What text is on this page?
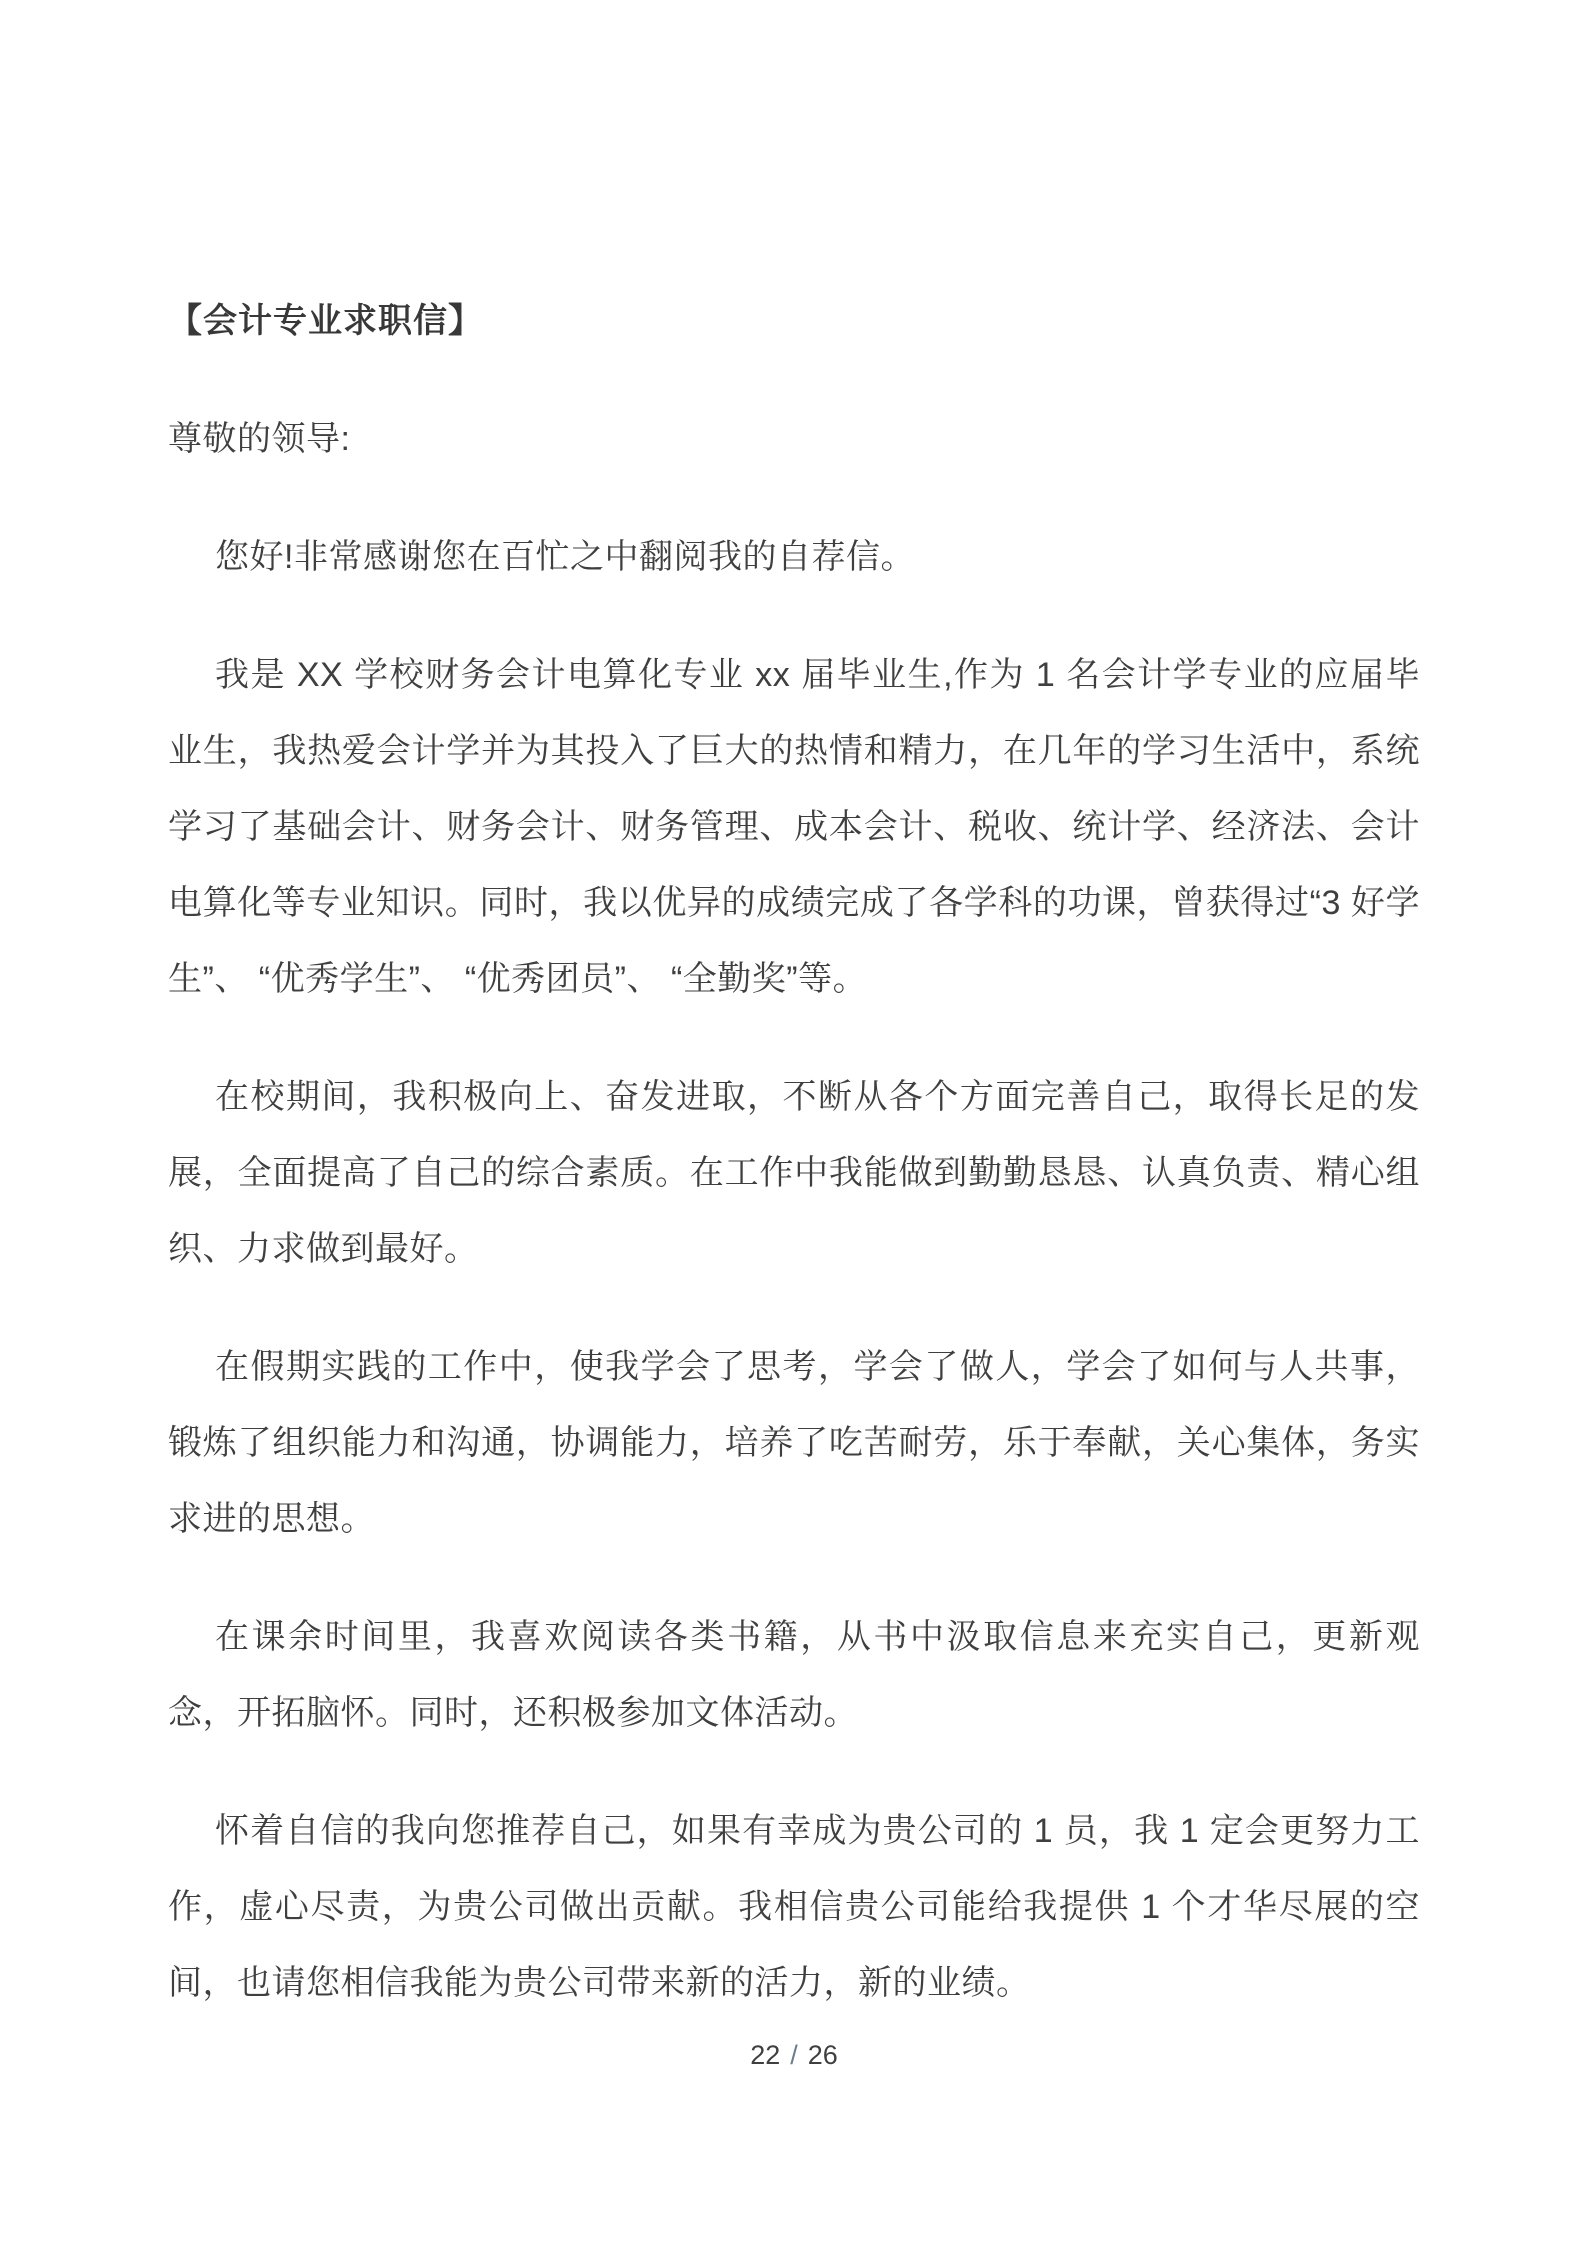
【会计专业求职信】

尊敬的领导:

您好!非常感谢您在百忙之中翻阅我的自荐信。

我是 XX 学校财务会计电算化专业 xx 届毕业生,作为 1 名会计学专业的应届毕业生，我热爱会计学并为其投入了巨大的热情和精力，在几年的学习生活中，系统学习了基础会计、财务会计、财务管理、成本会计、税收、统计学、经济法、会计电算化等专业知识。同时，我以优异的成绩完成了各学科的功课，曾获得过“3 好学生”、 “优秀学生”、 “优秀团员”、 “全勤奖”等。

在校期间，我积极向上、奋发进取，不断从各个方面完善自己，取得长足的发展，全面提高了自己的综合素质。在工作中我能做到勤勤恳恳、认真负责、精心组织、力求做到最好。

在假期实践的工作中，使我学会了思考，学会了做人，学会了如何与人共事，锻炼了组织能力和沟通，协调能力，培养了吃苦耐劳，乐于奉献，关心集体，务实求进的思想。

在课余时间里，我喜欢阅读各类书籍，从书中汲取信息来充实自己，更新观念，开拓脑怀。同时，还积极参加文体活动。

怀着自信的我向您推荐自己，如果有幸成为贵公司的 1 员，我 1 定会更努力工作，虚心尽责，为贵公司做出贡献。我相信贵公司能给我提供 1 个才华尽展的空间，也请您相信我能为贵公司带来新的活力，新的业绩。

22 / 26
